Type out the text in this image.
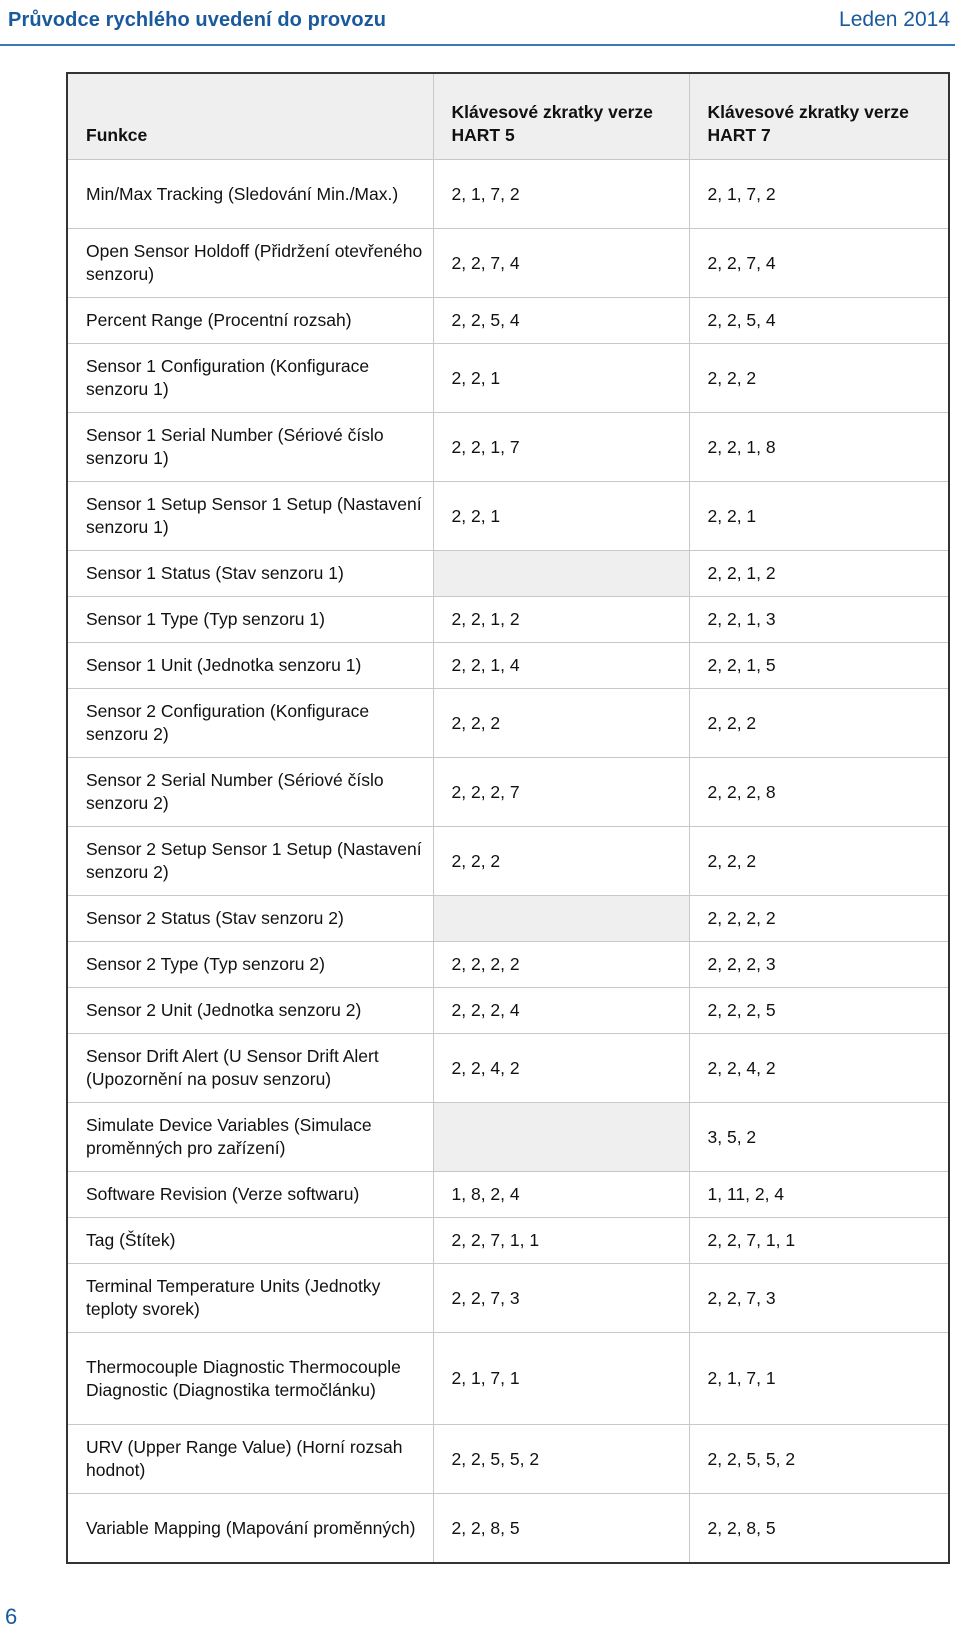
Průvodce rychlého uvedení do provozu	Leden 2014
Funkce	Klávesové zkratky verze HART 5	Klávesové zkratky verze HART 7
Min/Max Tracking (Sledování Min./Max.)	2, 1, 7, 2	2, 1, 7, 2
Open Sensor Holdoff (Přidržení otevřeného senzoru)	2, 2, 7, 4	2, 2, 7, 4
Percent Range (Procentní rozsah)	2, 2, 5, 4	2, 2, 5, 4
Sensor 1 Configuration (Konfigurace senzoru 1)	2, 2, 1	2, 2, 2
Sensor 1 Serial Number (Sériové číslo senzoru 1)	2, 2, 1, 7	2, 2, 1, 8
Sensor 1 Setup Sensor 1 Setup (Nastavení senzoru 1)	2, 2, 1	2, 2, 1
Sensor 1 Status (Stav senzoru 1)		2, 2, 1, 2
Sensor 1 Type (Typ senzoru 1)	2, 2, 1, 2	2, 2, 1, 3
Sensor 1 Unit (Jednotka senzoru 1)	2, 2, 1, 4	2, 2, 1, 5
Sensor 2 Configuration (Konfigurace senzoru 2)	2, 2, 2	2, 2, 2
Sensor 2 Serial Number (Sériové číslo senzoru 2)	2, 2, 2, 7	2, 2, 2, 8
Sensor 2 Setup Sensor 1 Setup (Nastavení senzoru 2)	2, 2, 2	2, 2, 2
Sensor 2 Status (Stav senzoru 2)		2, 2, 2, 2
Sensor 2 Type (Typ senzoru 2)	2, 2, 2, 2	2, 2, 2, 3
Sensor 2 Unit (Jednotka senzoru 2)	2, 2, 2, 4	2, 2, 2, 5
Sensor Drift Alert (U Sensor Drift Alert (Upozornění na posuv senzoru)	2, 2, 4, 2	2, 2, 4, 2
Simulate Device Variables (Simulace proměnných pro zařízení)		3, 5, 2
Software Revision (Verze softwaru)	1, 8, 2, 4	1, 11, 2, 4
Tag (Štítek)	2, 2, 7, 1, 1	2, 2, 7, 1, 1
Terminal Temperature Units (Jednotky teploty svorek)	2, 2, 7, 3	2, 2, 7, 3
Thermocouple Diagnostic Thermocouple Diagnostic (Diagnostika termočlánku)	2, 1, 7, 1	2, 1, 7, 1
URV (Upper Range Value) (Horní rozsah hodnot)	2, 2, 5, 5, 2	2, 2, 5, 5, 2
Variable Mapping (Mapování proměnných)	2, 2, 8, 5	2, 2, 8, 5
6
